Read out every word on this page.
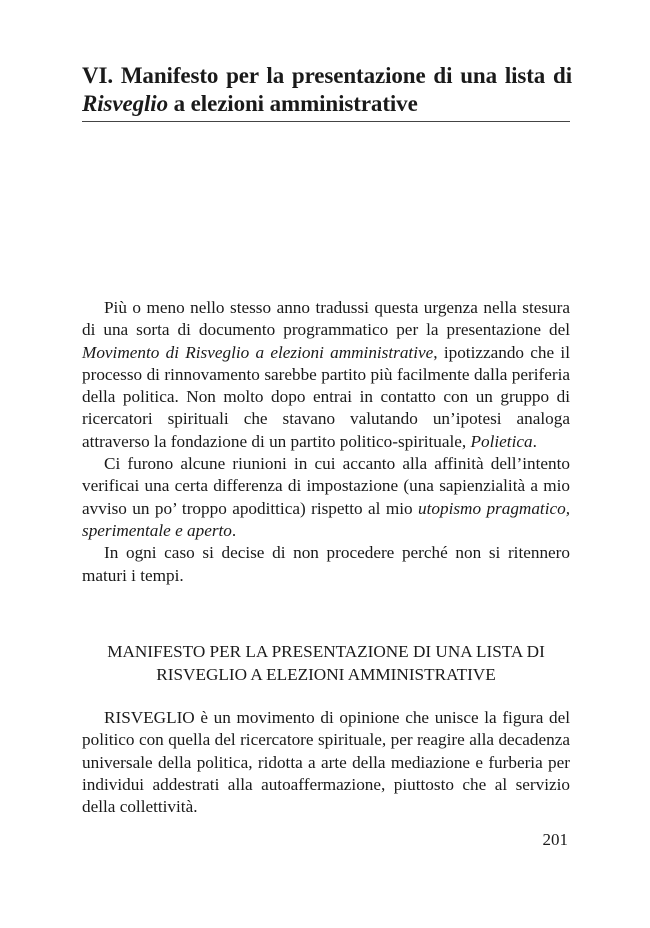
VI. Manifesto per la presentazione di una lista di
Risveglio a elezioni amministrative

Più o meno nello stesso anno tradussi questa urgenza nella stesura di una sorta di documento programmatico per la presentazione del Movimento di Risveglio a elezioni amministrative, ipotizzando che il processo di rinnovamento sarebbe partito più facilmente dalla periferia della politica. Non molto dopo entrai in contatto con un gruppo di ricercatori spirituali che stavano valutando un’ipotesi analoga attraverso la fondazione di un partito politico-spirituale, Polietica.

Ci furono alcune riunioni in cui accanto alla affinità dell’intento verificai una certa differenza di impostazione (una sapienzialità a mio avviso un po’ troppo apodittica) rispetto al mio utopismo pragmatico, sperimentale e aperto.

In ogni caso si decise di non procedere perché non si ritennero maturi i tempi.

MANIFESTO PER LA PRESENTAZIONE DI UNA LISTA DI
RISVEGLIO A ELEZIONI AMMINISTRATIVE

RISVEGLIO è un movimento di opinione che unisce la figura del politico con quella del ricercatore spirituale, per reagire alla decadenza universale della politica, ridotta a arte della mediazione e furberia per individui addestrati alla autoaffermazione, piuttosto che al servizio della collettività.

201
